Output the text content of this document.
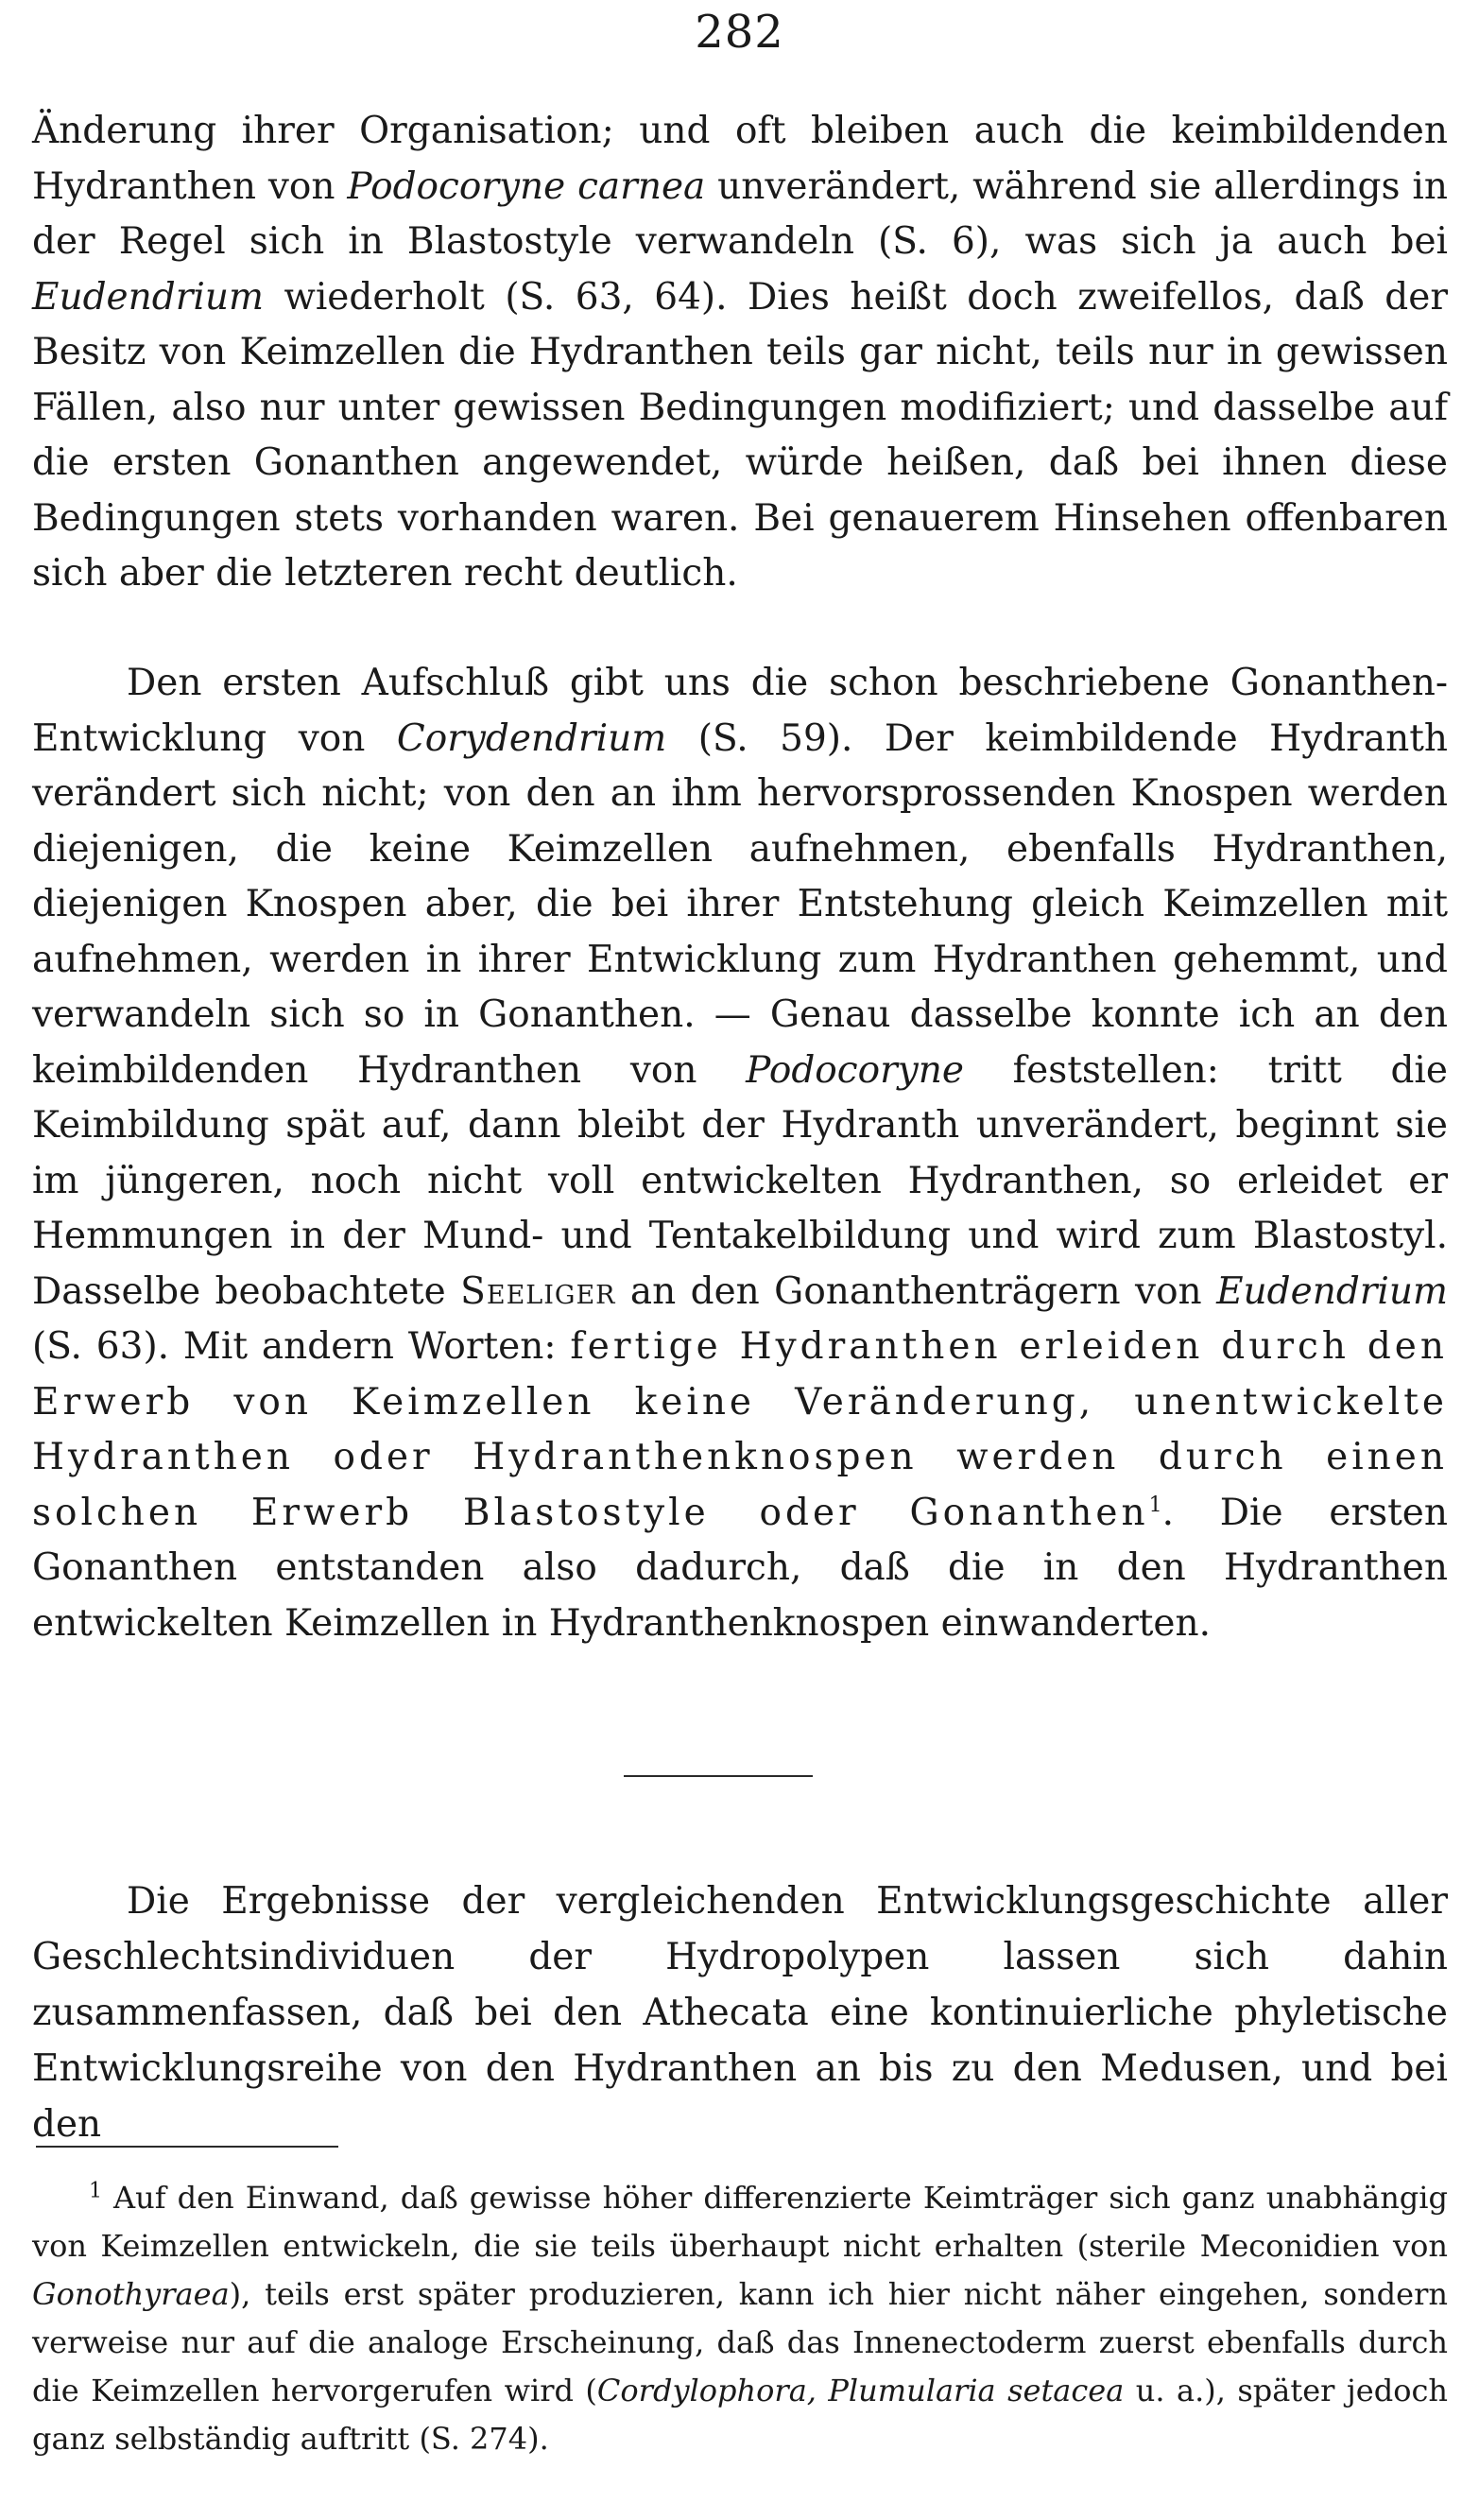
282

Änderung ihrer Organisation; und oft bleiben auch die keimbildenden Hydranthen von Podocoryne carnea unverändert, während sie allerdings in der Regel sich in Blastostyle verwandeln (S. 6), was sich ja auch bei Eudendrium wiederholt (S. 63, 64). Dies heißt doch zweifellos, daß der Besitz von Keimzellen die Hydranthen teils gar nicht, teils nur in gewissen Fällen, also nur unter gewissen Bedingungen modifiziert; und dasselbe auf die ersten Gonanthen angewendet, würde heißen, daß bei ihnen diese Bedingungen stets vorhanden waren. Bei genauerem Hinsehen offenbaren sich aber die letzteren recht deutlich.

Den ersten Aufschluß gibt uns die schon beschriebene Gonanthen-Entwicklung von Corydendrium (S. 59). Der keimbildende Hydranth verändert sich nicht; von den an ihm hervorsprossenden Knospen werden diejenigen, die keine Keimzellen aufnehmen, ebenfalls Hydranthen, diejenigen Knospen aber, die bei ihrer Entstehung gleich Keimzellen mit aufnehmen, werden in ihrer Entwicklung zum Hydranthen gehemmt, und verwandeln sich so in Gonanthen. — Genau dasselbe konnte ich an den keimbildenden Hydranthen von Podocoryne feststellen: tritt die Keimbildung spät auf, dann bleibt der Hydranth unverändert, beginnt sie im jüngeren, noch nicht voll entwickelten Hydranthen, so erleidet er Hemmungen in der Mund- und Tentakelbildung und wird zum Blastostyl. Dasselbe beobachtete Seeliger an den Gonanthenträgern von Eudendrium (S. 63). Mit andern Worten: fertige Hydranthen erleiden durch den Erwerb von Keimzellen keine Veränderung, unentwickelte Hydranthen oder Hydranthenknospen werden durch einen solchen Erwerb Blastostyle oder Gonanthen$^1$. Die ersten Gonanthen entstanden also dadurch, daß die in den Hydranthen entwickelten Keimzellen in Hydranthenknospen einwanderten.

Die Ergebnisse der vergleichenden Entwicklungsgeschichte aller Geschlechtsindividuen der Hydropolypen lassen sich dahin zusammenfassen, daß bei den Athecata eine kontinuierliche phyletische Entwicklungsreihe von den Hydranthen an bis zu den Medusen, und bei den

$^1$ Auf den Einwand, daß gewisse höher differenzierte Keimträger sich ganz unabhängig von Keimzellen entwickeln, die sie teils überhaupt nicht erhalten (sterile Meconidien von Gonothyraea), teils erst später produzieren, kann ich hier nicht näher eingehen, sondern verweise nur auf die analoge Erscheinung, daß das Innenectoderm zuerst ebenfalls durch die Keimzellen hervorgerufen wird (Cordylophora, Plumularia setacea u. a.), später jedoch ganz selbständig auftritt (S. 274).
